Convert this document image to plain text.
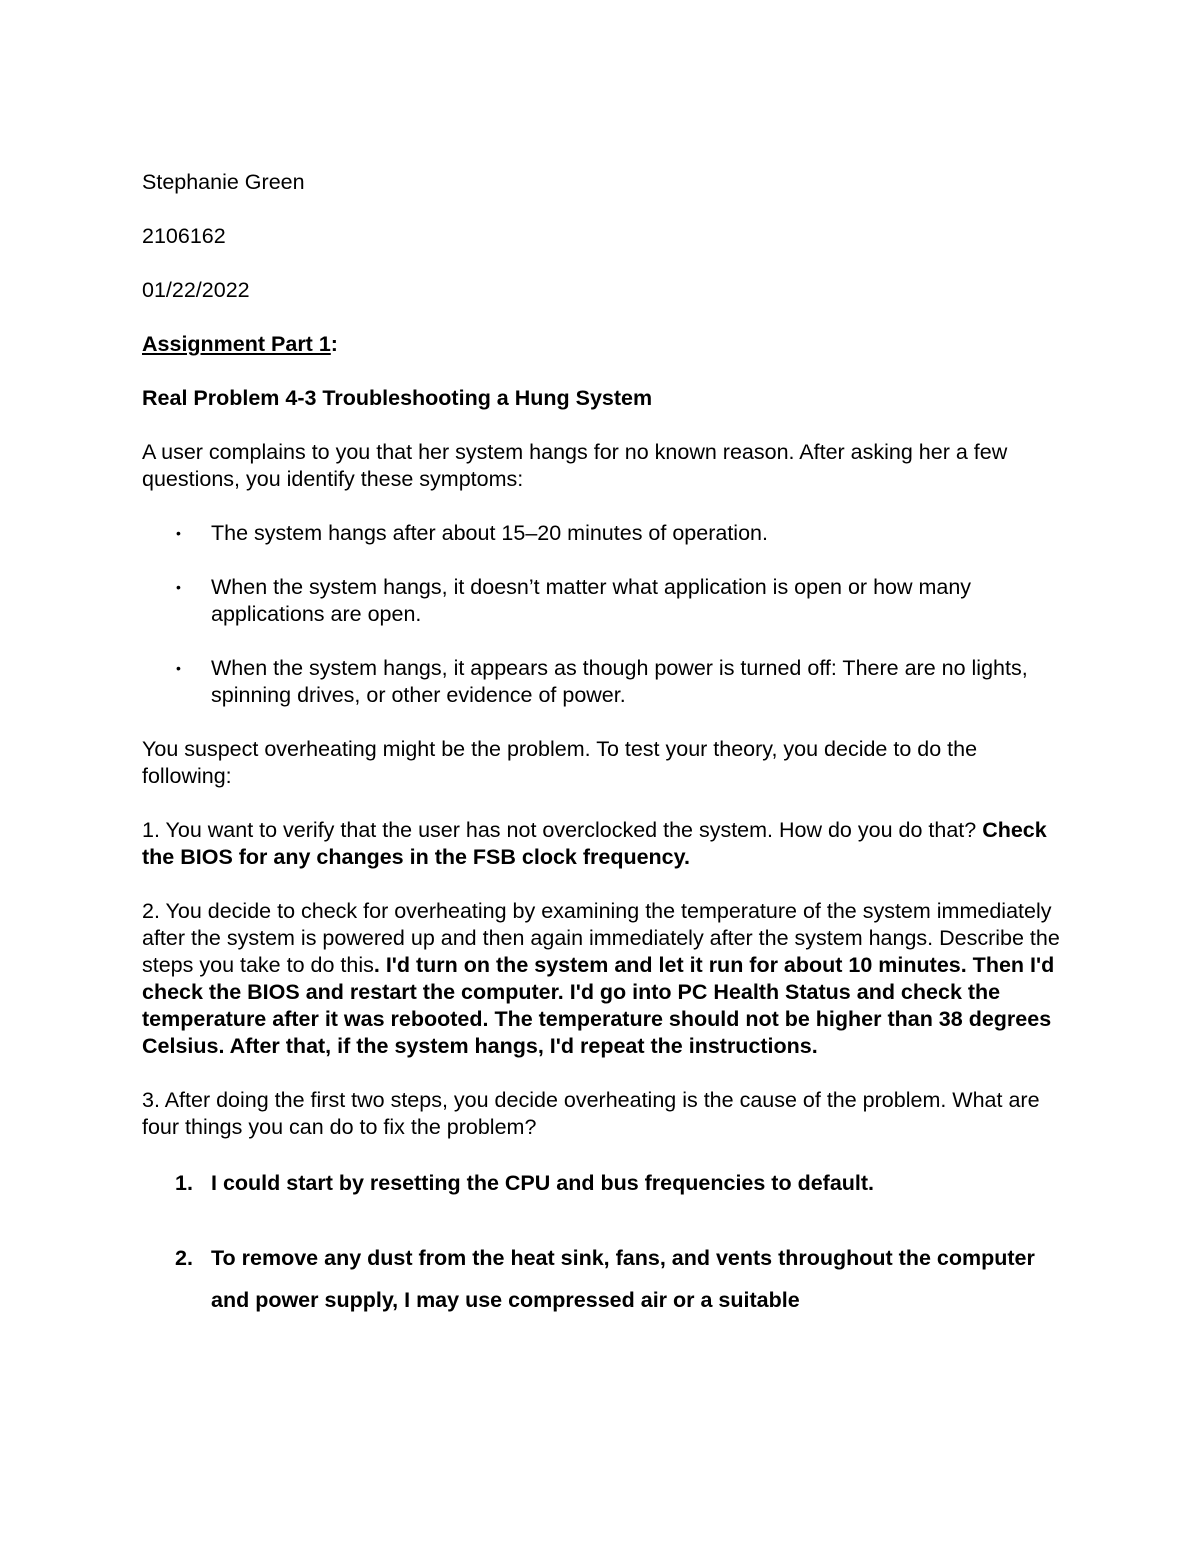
Stephanie Green

2106162

01/22/2022

Assignment Part 1:

Real Problem 4-3 Troubleshooting a Hung System

A user complains to you that her system hangs for no known reason. After asking her a few questions, you identify these symptoms:

• The system hangs after about 15–20 minutes of operation.
• When the system hangs, it doesn’t matter what application is open or how many applications are open.
• When the system hangs, it appears as though power is turned off: There are no lights, spinning drives, or other evidence of power.

You suspect overheating might be the problem. To test your theory, you decide to do the following:

1. You want to verify that the user has not overclocked the system. How do you do that? Check the BIOS for any changes in the FSB clock frequency.

2. You decide to check for overheating by examining the temperature of the system immediately after the system is powered up and then again immediately after the system hangs. Describe the steps you take to do this. I'd turn on the system and let it run for about 10 minutes. Then I'd check the BIOS and restart the computer. I'd go into PC Health Status and check the temperature after it was rebooted. The temperature should not be higher than 38 degrees Celsius. After that, if the system hangs, I'd repeat the instructions.

3. After doing the first two steps, you decide overheating is the cause of the problem. What are four things you can do to fix the problem?

1. I could start by resetting the CPU and bus frequencies to default.
2. To remove any dust from the heat sink, fans, and vents throughout the computer and power supply, I may use compressed air or a suitable
